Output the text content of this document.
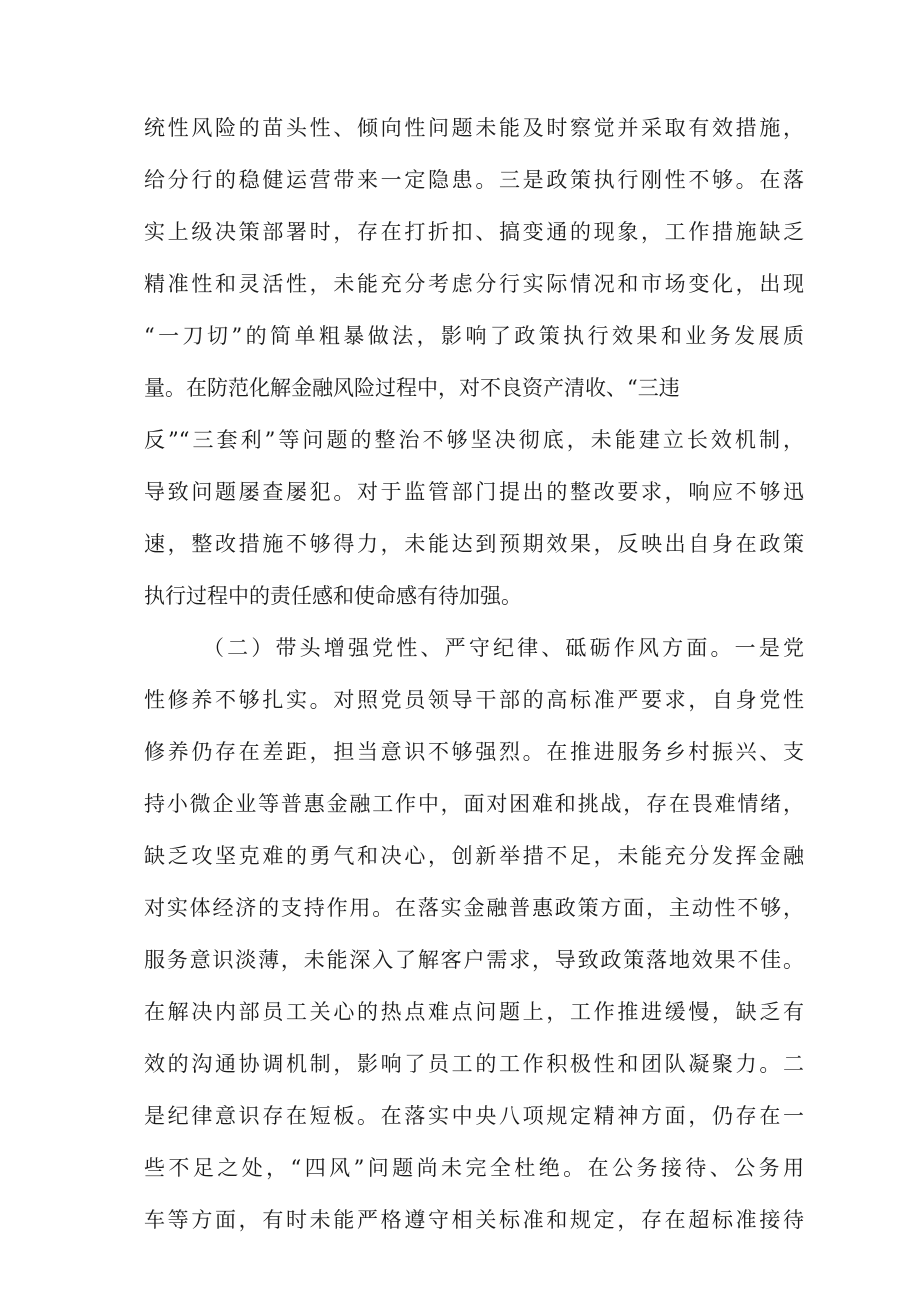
统性风险的苗头性、倾向性问题未能及时察觉并采取有效措施，
给分行的稳健运营带来一定隐患。三是政策执行刚性不够。在落
实上级决策部署时，存在打折扣、搞变通的现象，工作措施缺乏
精准性和灵活性，未能充分考虑分行实际情况和市场变化，出现
“一刀切”的简单粗暴做法，影响了政策执行效果和业务发展质
量。在防范化解金融风险过程中，对不良资产清收、“三违
反”“三套利”等问题的整治不够坚决彻底，未能建立长效机制，
导致问题屡查屡犯。对于监管部门提出的整改要求，响应不够迅
速，整改措施不够得力，未能达到预期效果，反映出自身在政策
执行过程中的责任感和使命感有待加强。
（二）带头增强党性、严守纪律、砥砺作风方面。一是党
性修养不够扎实。对照党员领导干部的高标准严要求，自身党性
修养仍存在差距，担当意识不够强烈。在推进服务乡村振兴、支
持小微企业等普惠金融工作中，面对困难和挑战，存在畏难情绪，
缺乏攻坚克难的勇气和决心，创新举措不足，未能充分发挥金融
对实体经济的支持作用。在落实金融普惠政策方面，主动性不够，
服务意识淡薄，未能深入了解客户需求，导致政策落地效果不佳。
在解决内部员工关心的热点难点问题上，工作推进缓慢，缺乏有
效的沟通协调机制，影响了员工的工作积极性和团队凝聚力。二
是纪律意识存在短板。在落实中央八项规定精神方面，仍存在一
些不足之处，“四风”问题尚未完全杜绝。在公务接待、公务用
车等方面，有时未能严格遵守相关标准和规定，存在超标准接待
